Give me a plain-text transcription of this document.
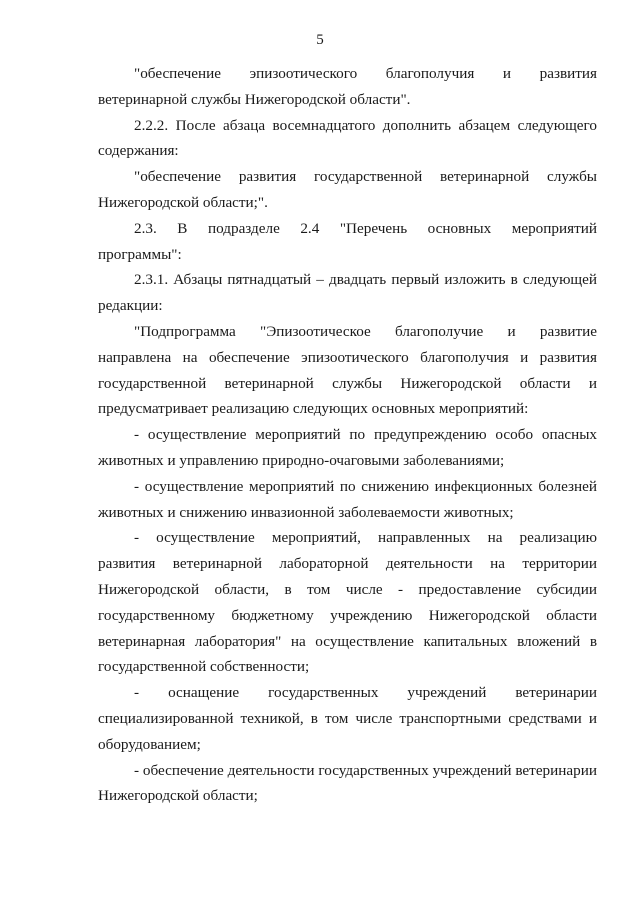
5
"обеспечение эпизоотического благополучия и развития
ветеринарной службы Нижегородской области".
2.2.2. После абзаца восемнадцатого дополнить абзацем следующего
содержания:
"обеспечение развития государственной ветеринарной службы
Нижегородской области;".
2.3. В подразделе 2.4 "Перечень основных мероприятий
программы":
2.3.1. Абзацы пятнадцатый – двадцать первый изложить в следующей
редакции:
"Подпрограмма "Эпизоотическое благополучие и развитие
направлена на обеспечение эпизоотического благополучия и развития
государственной ветеринарной службы Нижегородской области и
предусматривает реализацию следующих основных мероприятий:
- осуществление мероприятий по предупреждению особо опасных
животных и управлению природно-очаговыми заболеваниями;
- осуществление мероприятий по снижению инфекционных болезней
животных и снижению инвазионной заболеваемости животных;
- осуществление мероприятий, направленных на реализацию
развития ветеринарной лабораторной деятельности на территории
Нижегородской области, в том числе - предоставление субсидии
государственному бюджетному учреждению Нижегородской области
ветеринарная лаборатория" на осуществление капитальных вложений в
государственной собственности;
- оснащение государственных учреждений ветеринарии
специализированной техникой, в том числе транспортными средствами и
оборудованием;
- обеспечение деятельности государственных учреждений ветеринарии
Нижегородской области;
